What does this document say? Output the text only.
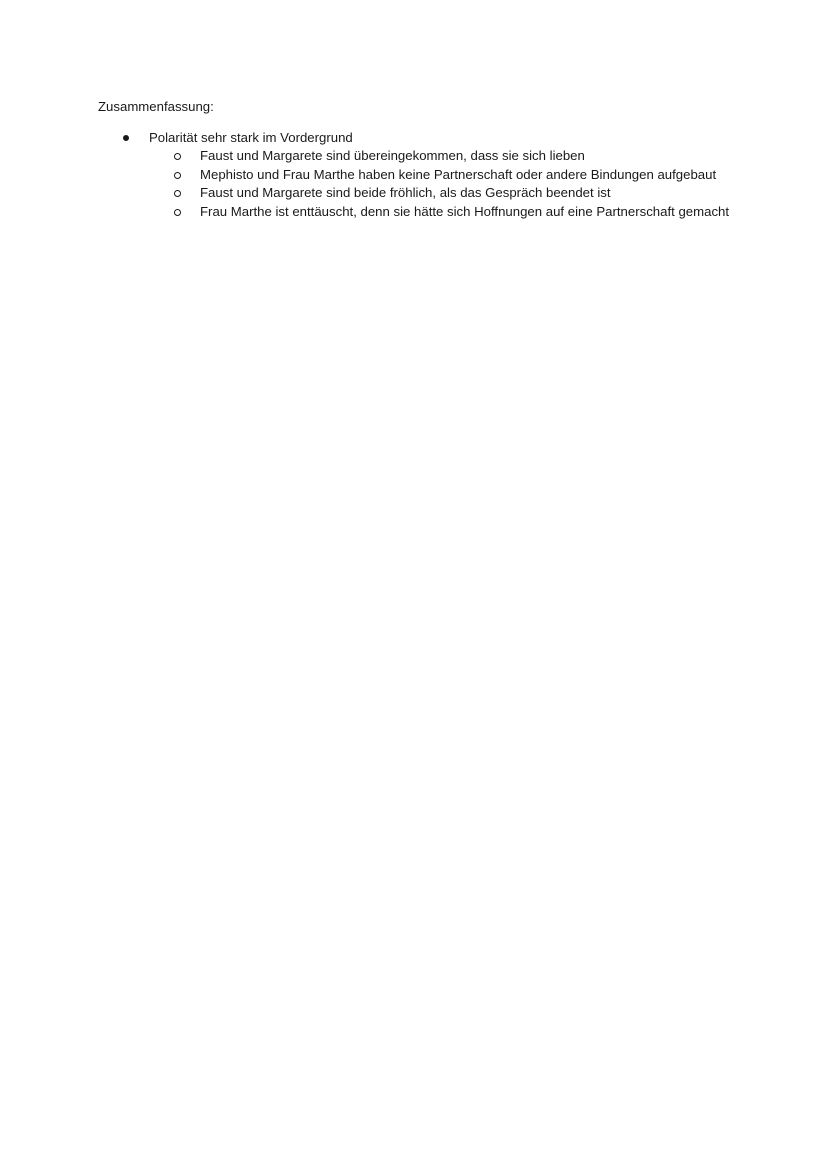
Zusammenfassung:

Polarität sehr stark im Vordergrund
Faust und Margarete sind übereingekommen, dass sie sich lieben
Mephisto und Frau Marthe haben keine Partnerschaft oder andere Bindungen aufgebaut
Faust und Margarete sind beide fröhlich, als das Gespräch beendet ist
Frau Marthe ist enttäuscht, denn sie hätte sich Hoffnungen auf eine Partnerschaft gemacht
